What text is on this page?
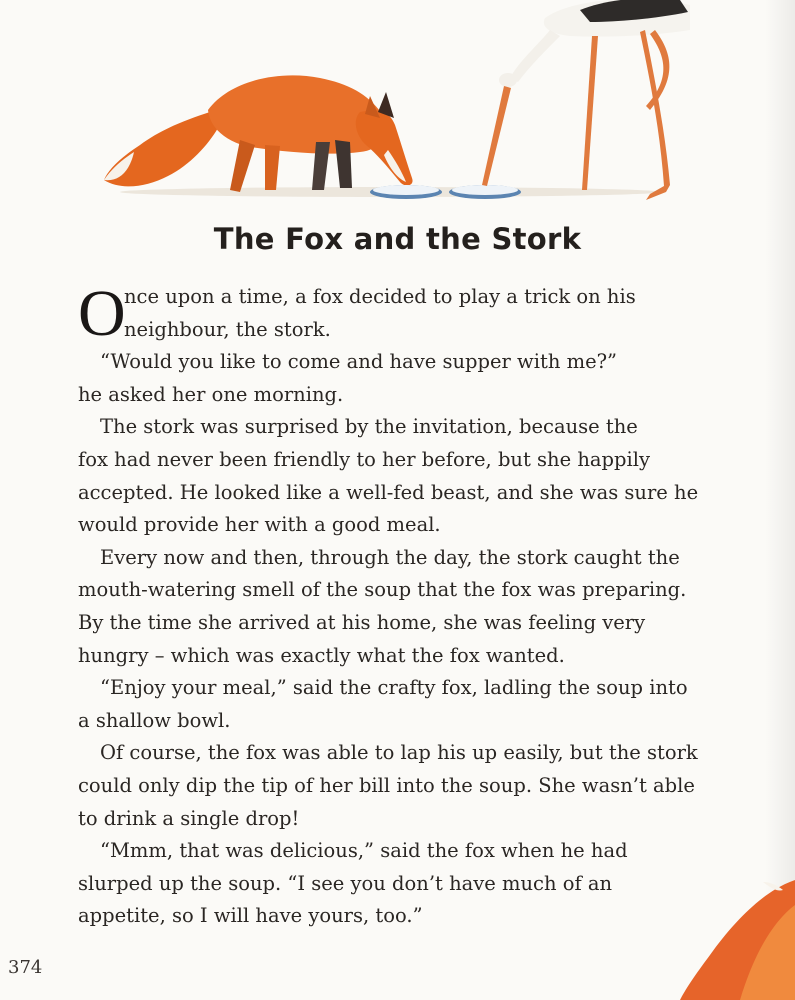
The Fox and the Stork
O

nce upon a time, a fox decided to play a trick on his
neighbour, the stork.

“Would you like to come and have supper with me?”
he asked her one morning.

The stork was surprised by the invitation, because the
fox had never been friendly to her before, but she happily
accepted. He looked like a well-fed beast, and she was sure he
would provide her with a good meal.

Every now and then, through the day, the stork caught the
mouth-watering smell of the soup that the fox was preparing.
By the time she arrived at his home, she was feeling very
hungry – which was exactly what the fox wanted.

“Enjoy your meal,” said the crafty fox, ladling the soup into
a shallow bowl.

Of course, the fox was able to lap his up easily, but the stork
could only dip the tip of her bill into the soup. She wasn’t able
to drink a single drop!

“Mmm, that was delicious,” said the fox when he had
slurped up the soup. “I see you don’t have much of an
appetite, so I will have yours, too.”

374
